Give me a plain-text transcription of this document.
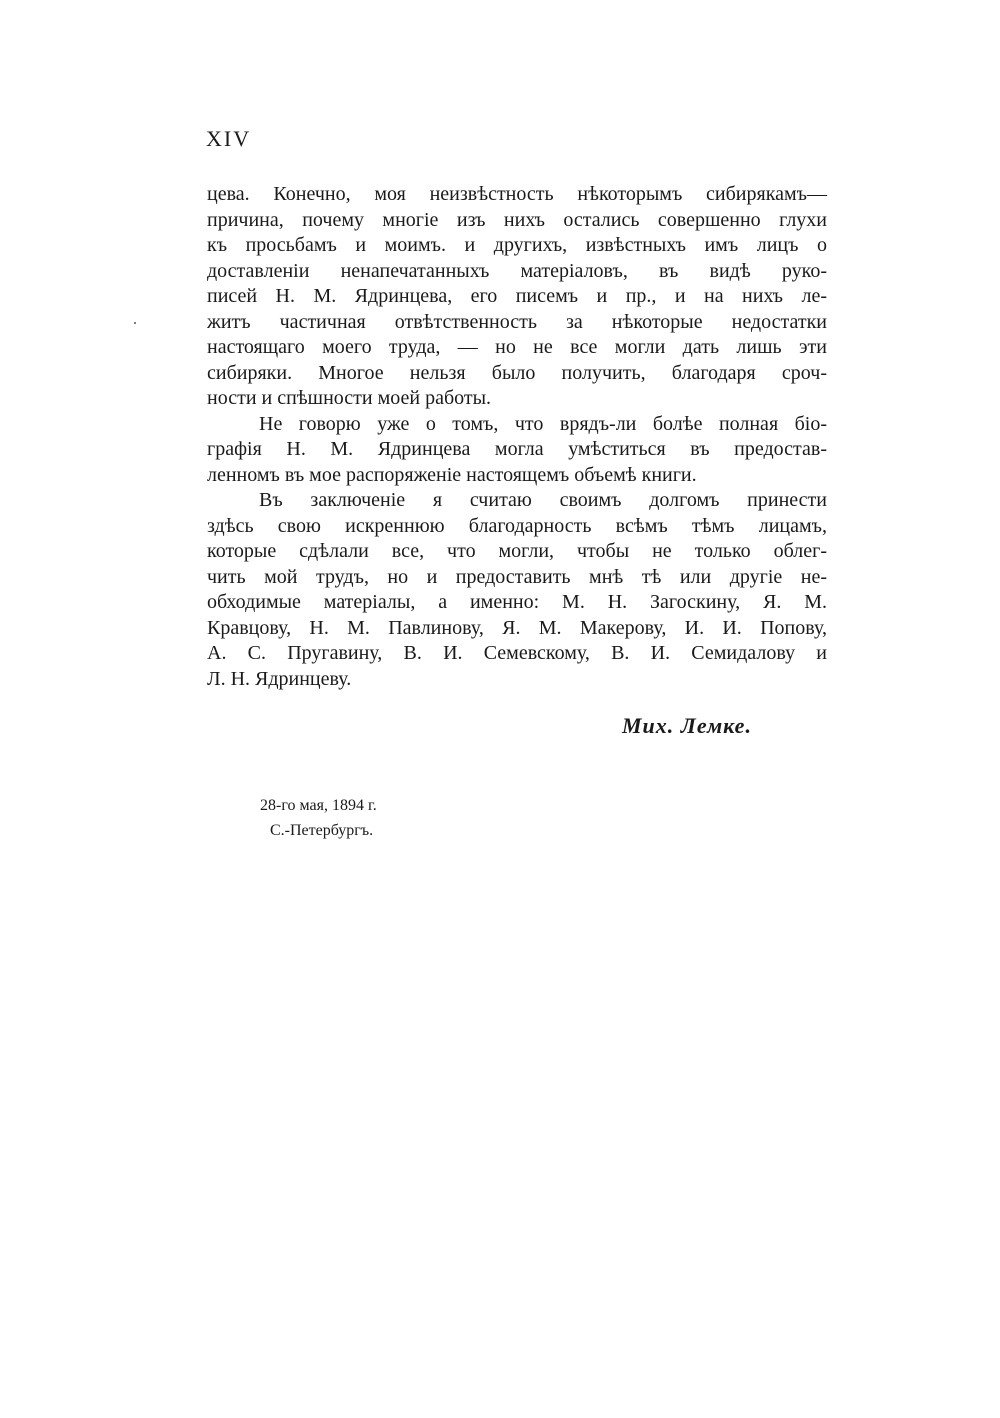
XIV
цева. Конечно, моя неизвѣстность нѣкоторымъ сибирякамъ—
причина, почему многіе изъ нихъ остались совершенно глухи
къ просьбамъ и моимъ. и другихъ, извѣстныхъ имъ лицъ о
доставленіи ненапечатанныхъ матеріаловъ, въ видѣ руко-
писей Н. М. Ядринцева, его писемъ и пр., и на нихъ ле-
житъ частичная отвѣтственность за нѣкоторые недостатки
настоящаго моего труда, — но не все могли дать лишь эти
сибиряки. Многое нельзя было получить, благодаря сроч-
ности и спѣшности моей работы.
Не говорю уже о томъ, что врядъ-ли болѣе полная біо-
графія Н. М. Ядринцева могла умѣститься въ предостав-
ленномъ въ мое распоряженіе настоящемъ объемѣ книги.
Въ заключеніе я считаю своимъ долгомъ принести
здѣсь свою искреннюю благодарность всѣмъ тѣмъ лицамъ,
которые сдѣлали все, что могли, чтобы не только облег-
чить мой трудъ, но и предоставить мнѣ тѣ или другіе не-
обходимые матеріалы, а именно: М. Н. Загоскину, Я. М.
Кравцову, Н. М. Павлинову, Я. М. Макерову, И. И. Попову,
А. С. Пругавину, В. И. Семевскому, В. И. Семидалову и
Л. Н. Ядринцеву.
Мих. Лемке.
28-го мая, 1894 г.
С.-Петербургъ.
